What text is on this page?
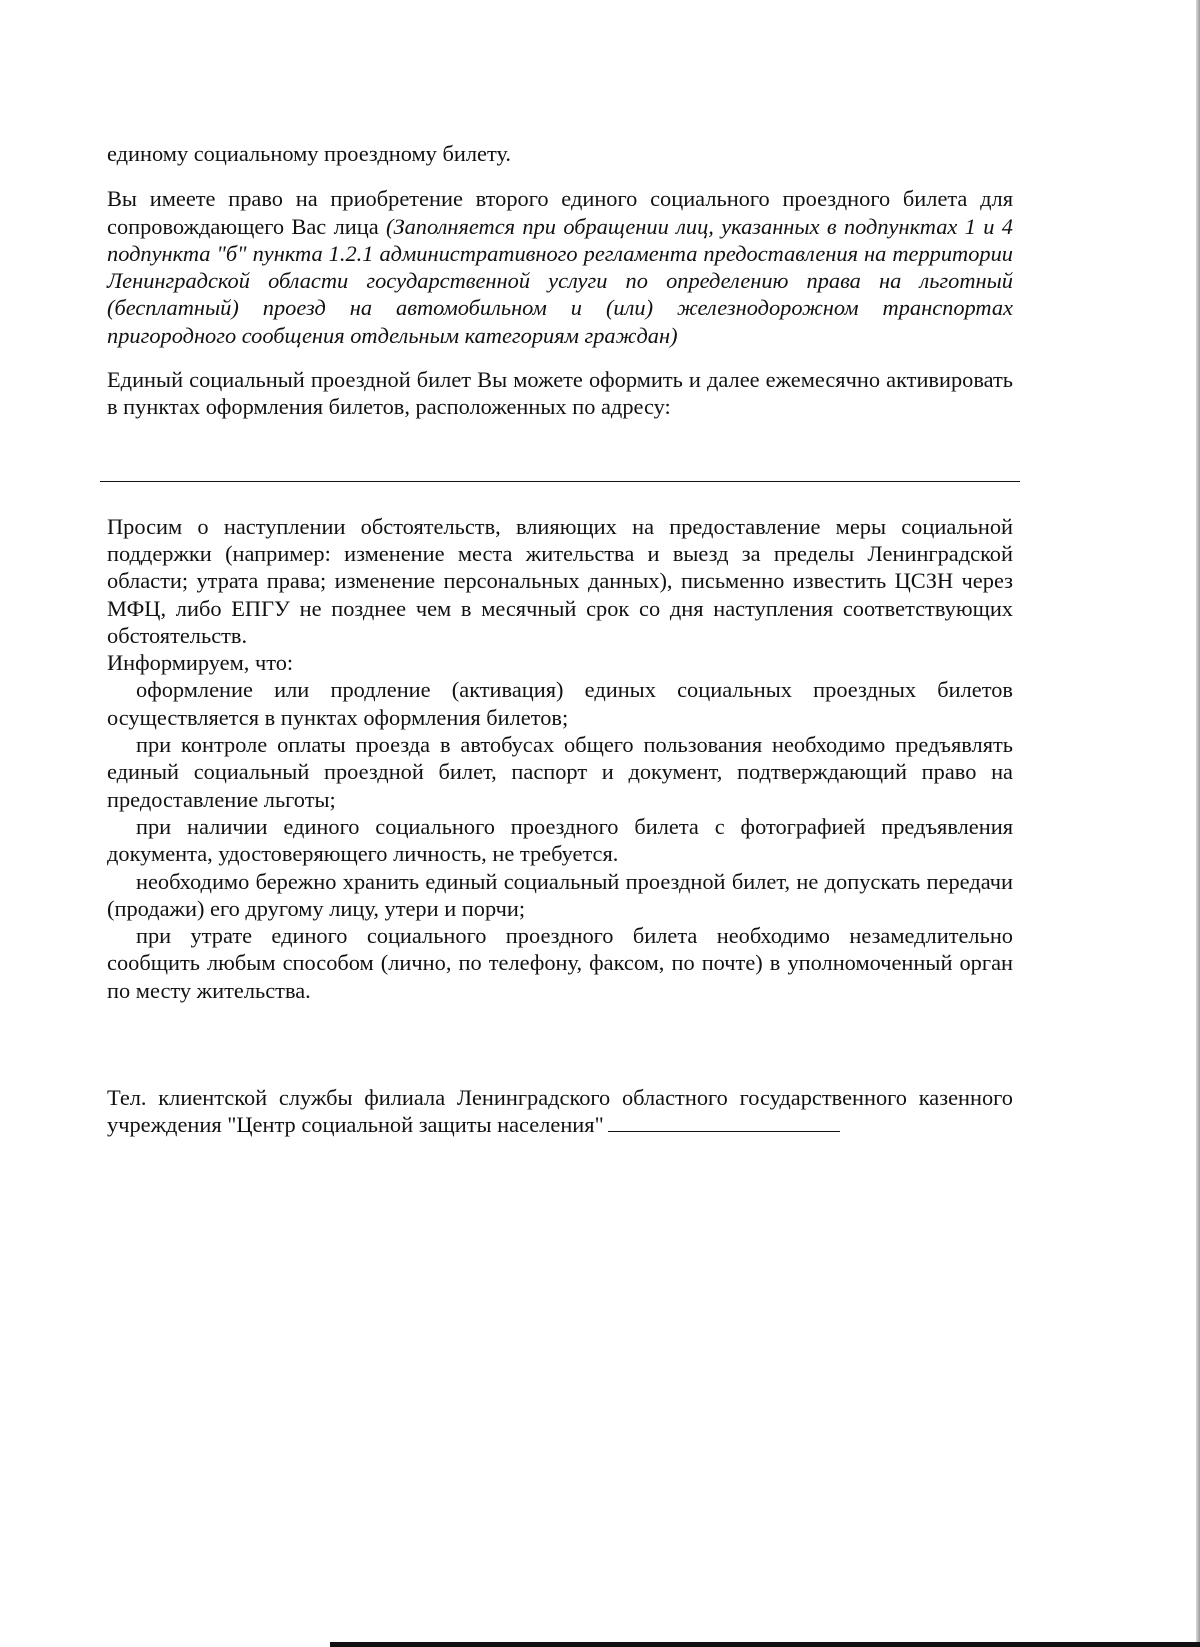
единому социальному проездному билету.

Вы имеете право на приобретение второго единого социального проездного билета для сопровождающего Вас лица (Заполняется при обращении лиц, указанных в подпунктах 1 и 4 подпункта "б" пункта 1.2.1 административного регламента предоставления на территории Ленинградской области государственной услуги по определению права на льготный (бесплатный) проезд на автомобильном и (или) железнодорожном транспортах пригородного сообщения отдельным категориям граждан)

Единый социальный проездной билет Вы можете оформить и далее ежемесячно активировать в пунктах оформления билетов, расположенных по адресу:

Просим о наступлении обстоятельств, влияющих на предоставление меры социальной поддержки (например: изменение места жительства и выезд за пределы Ленинградской области; утрата права; изменение персональных данных), письменно известить ЦСЗН через МФЦ, либо ЕПГУ не позднее чем в месячный срок со дня наступления соответствующих обстоятельств.

Информируем, что:

оформление или продление (активация) единых социальных проездных билетов осуществляется в пунктах оформления билетов;

при контроле оплаты проезда в автобусах общего пользования необходимо предъявлять единый социальный проездной билет, паспорт и документ, подтверждающий право на предоставление льготы;

при наличии единого социального проездного билета с фотографией предъявления документа, удостоверяющего личность, не требуется.

необходимо бережно хранить единый социальный проездной билет, не допускать передачи (продажи) его другому лицу, утери и порчи;

при утрате единого социального проездного билета необходимо незамедлительно сообщить любым способом (лично, по телефону, факсом, по почте) в уполномоченный орган по месту жительства.

Тел. клиентской службы филиала Ленинградского областного государственного казенного учреждения "Центр социальной защиты населения"
